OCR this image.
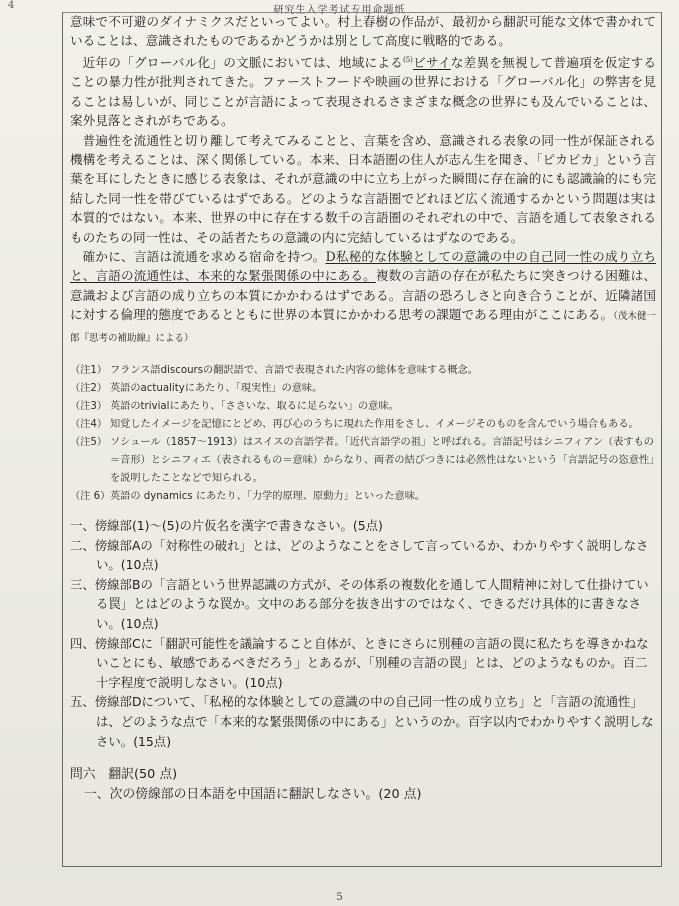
4	研究生入学考试专用命题纸

意味で不可避のダイナミクスだといってよい。村上春樹の作品が、最初から翻訳可能な文体で書かれていることは、意識されたものであるかどうかは別として高度に戦略的である。

近年の「グローバル化」の文脈においては、地域による$^{(5)}$ビサイな差異を無視して普遍項を仮定することの暴力性が批判されてきた。ファーストフードや映画の世界における「グローバル化」の弊害を見ることは易しいが、同じことが言語によって表現されるさまざまな概念の世界にも及んでいることは、案外見落とされがちである。

普遍性を流通性と切り離して考えてみることと、言葉を含め、意識される表象の同一性が保証される機構を考えることは、深く関係している。本来、日本語圏の住人が志ん生を聞き、「ピカピカ」という言葉を耳にしたときに感じる表象は、それが意識の中に立ち上がった瞬間に存在論的にも認識論的にも完結した同一性を帯びているはずである。どのような言語圏でどれほど広く流通するかという問題は実は本質的ではない。本来、世界の中に存在する数千の言語圏のそれぞれの中で、言語を通して表象されるものたちの同一性は、その話者たちの意識の内に完結しているはずなのである。

確かに、言語は流通を求める宿命を持つ。D私秘的な体験としての意識の中の自己同一性の成り立ちと、言語の流通性は、本来的な緊張関係の中にある。複数の言語の存在が私たちに突きつける困難は、意識および言語の成り立ちの本質にかかわるはずである。言語の恐ろしさと向き合うことが、近隣諸国に対する倫理的態度であるとともに世界の本質にかかわる思考の課題である理由がここにある。（茂木健一郎『思考の補助線』による）

（注1） フランス語discoursの翻訳語で、言語で表現された内容の総体を意味する概念。
（注2） 英語のactualityにあたり、「現実性」の意味。
（注3） 英語のtrivialにあたり、「ささいな、取るに足らない」の意味。
（注4） 知覚したイメージを記憶にとどめ、再び心のうちに現れた作用をさし、イメージそのものを含んでいう場合もある。
（注5） ソシュール（1857～1913）はスイスの言語学者。「近代言語学の祖」と呼ばれる。言語記号はシニフィアン（表すもの＝音形）とシニフィエ（表されるもの＝意味）からなり、両者の結びつきには必然性はないという「言語記号の恣意性」を説明したことなどで知られる。
（注 6）英語の dynamics にあたり、「力学的原理、原動力」といった意味。
一、傍線部(1)～(5)の片仮名を漢字で書きなさい。(5点)
二、傍線部Aの「対称性の破れ」とは、どのようなことをさして言っているか、わかりやすく説明しなさい。(10点)
三、傍線部Bの「言語という世界認識の方式が、その体系の複数化を通して人間精神に対して仕掛けている罠」とはどのような罠か。文中のある部分を抜き出すのではなく、できるだけ具体的に書きなさい。(10点)
四、傍線部Cに「翻訳可能性を議論すること自体が、ときにさらに別種の言語の罠に私たちを導きかねないことにも、敏感であるべきだろう」とあるが、「別種の言語の罠」とは、どのようなものか。百二十字程度で説明しなさい。(10点)
五、傍線部Dについて、「私秘的な体験としての意識の中の自己同一性の成り立ち」と「言語の流通性」は、どのような点で「本来的な緊張関係の中にある」というのか。百字以内でわかりやすく説明しなさい。(15点)
問六　翻訳(50 点)
一、次の傍線部の日本語を中国語に翻訳しなさい。(20 点)
5
